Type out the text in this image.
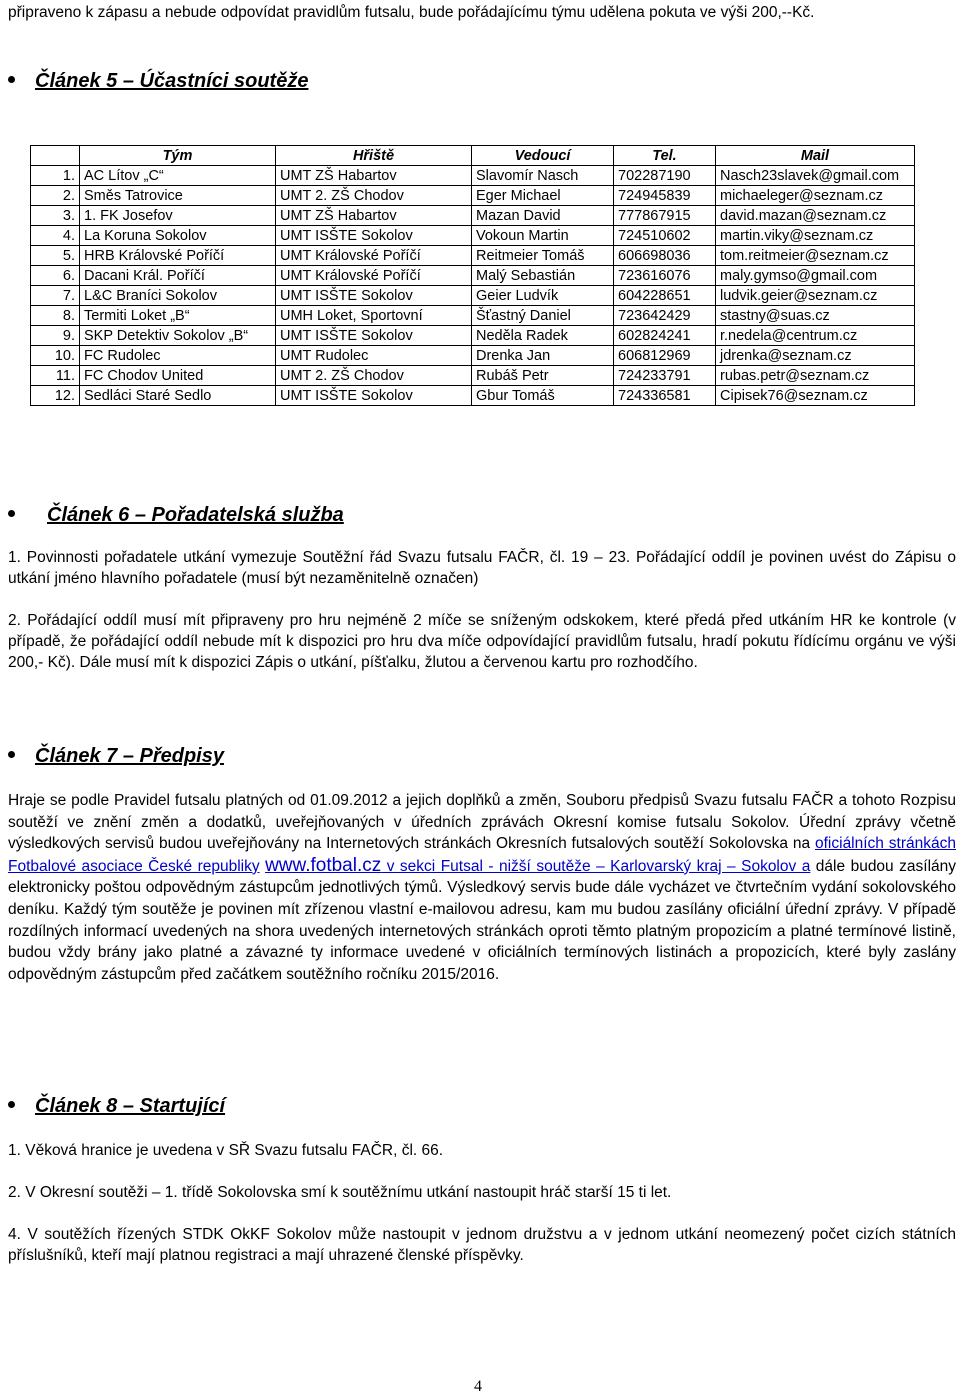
připraveno k zápasu a nebude odpovídat pravidlům futsalu, bude pořádajícímu týmu udělena pokuta ve výši 200,--Kč.

Článek 5 – Účastníci soutěže
	Tým	Hřiště	Vedoucí	Tel.	Mail
1.	AC Lítov „C“	UMT ZŠ Habartov	Slavomír Nasch	702287190	Nasch23slavek@gmail.com
2.	Směs Tatrovice	UMT 2. ZŠ Chodov	Eger Michael	724945839	michaeleger@seznam.cz
3.	1. FK Josefov	UMT ZŠ Habartov	Mazan David	777867915	david.mazan@seznam.cz
4.	La Koruna Sokolov	UMT ISŠTE Sokolov	Vokoun Martin	724510602	martin.viky@seznam.cz
5.	HRB Královské Poříčí	UMT Královské Poříčí	Reitmeier Tomáš	606698036	tom.reitmeier@seznam.cz
6.	Dacani Král. Poříčí	UMT Královské Poříčí	Malý Sebastián	723616076	maly.gymso@gmail.com
7.	L&C Braníci Sokolov	UMT ISŠTE Sokolov	Geier Ludvík	604228651	ludvik.geier@seznam.cz
8.	Termiti Loket „B“	UMH Loket, Sportovní	Šťastný Daniel	723642429	stastny@suas.cz
9.	SKP Detektiv Sokolov „B“	UMT ISŠTE Sokolov	Neděla Radek	602824241	r.nedela@centrum.cz
10.	FC Rudolec	UMT Rudolec	Drenka Jan	606812969	jdrenka@seznam.cz
11.	FC Chodov United	UMT 2. ZŠ Chodov	Rubáš Petr	724233791	rubas.petr@seznam.cz
12.	Sedláci Staré Sedlo	UMT ISŠTE Sokolov	Gbur Tomáš	724336581	Cipisek76@seznam.cz
Článek 6 – Pořadatelská služba

1. Povinnosti pořadatele utkání vymezuje Soutěžní řád Svazu futsalu FAČR, čl. 19 – 23. Pořádající oddíl je povinen uvést do Zápisu o utkání jméno hlavního pořadatele (musí být nezaměnitelně označen)

2. Pořádající oddíl musí mít připraveny pro hru nejméně 2 míče se sníženým odskokem, které předá před utkáním HR ke kontrole (v případě, že pořádající oddíl nebude mít k dispozici pro hru dva míče odpovídající pravidlům futsalu, hradí pokutu řídícímu orgánu ve výši 200,- Kč). Dále musí mít k dispozici Zápis o utkání, píšťalku, žlutou a červenou kartu pro rozhodčího.

Článek 7 – Předpisy

Hraje se podle Pravidel futsalu platných od 01.09.2012 a jejich doplňků a změn, Souboru předpisů Svazu futsalu FAČR a tohoto Rozpisu soutěží ve znění změn a dodatků, uveřejňovaných v úředních zprávách Okresní komise futsalu Sokolov. Úřední zprávy včetně výsledkových servisů budou uveřejňovány na Internetových stránkách Okresních futsalových soutěží Sokolovska na oficiálních stránkách Fotbalové asociace České republiky www.fotbal.cz v sekci Futsal - nižší soutěže – Karlovarský kraj – Sokolov a dále budou zasílány elektronicky poštou odpovědným zástupcům jednotlivých týmů. Výsledkový servis bude dále vycházet ve čtvrtečním vydání sokolovského deníku. Každý tým soutěže je povinen mít zřízenou vlastní e-mailovou adresu, kam mu budou zasílány oficiální úřední zprávy. V případě rozdílných informací uvedených na shora uvedených internetových stránkách oproti těmto platným propozicím a platné termínové listině, budou vždy brány jako platné a závazné ty informace uvedené v oficiálních termínových listinách a propozicích, které byly zaslány odpovědným zástupcům před začátkem soutěžního ročníku 2015/2016.

Článek 8 – Startující
1. Věková hranice je uvedena v SŘ Svazu futsalu FAČR, čl. 66.
2. V Okresní soutěži – 1. třídě Sokolovska smí k soutěžnímu utkání nastoupit hráč starší 15 ti let.
4. V soutěžích řízených STDK OkKF Sokolov může nastoupit v jednom družstvu a v jednom utkání neomezený počet cizích státních příslušníků, kteří mají platnou registraci a mají uhrazené členské příspěvky.
4
